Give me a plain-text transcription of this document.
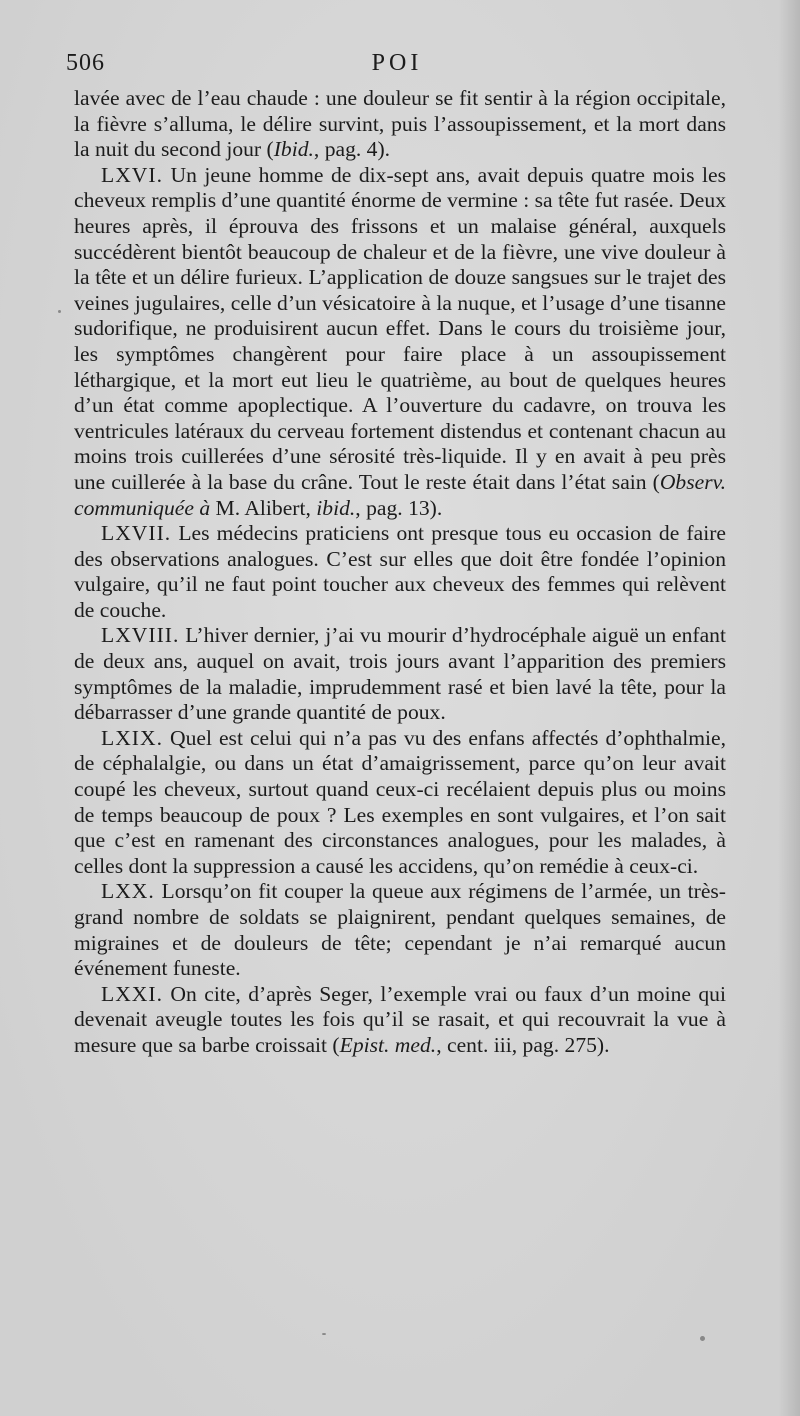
506	POI

lavée avec de l’eau chaude : une douleur se fit sentir à la région occipitale, la fièvre s’alluma, le délire survint, puis l’assoupissement, et la mort dans la nuit du second jour (Ibid., pag. 4).

LXVI. Un jeune homme de dix-sept ans, avait depuis quatre mois les cheveux remplis d’une quantité énorme de vermine : sa tête fut rasée. Deux heures après, il éprouva des frissons et un malaise général, auxquels succédèrent bientôt beaucoup de chaleur et de la fièvre, une vive douleur à la tête et un délire furieux. L’application de douze sangsues sur le trajet des veines jugulaires, celle d’un vésicatoire à la nuque, et l’usage d’une tisanne sudorifique, ne produisirent aucun effet. Dans le cours du troisième jour, les symptômes changèrent pour faire place à un assoupissement léthargique, et la mort eut lieu le quatrième, au bout de quelques heures d’un état comme apoplectique. A l’ouverture du cadavre, on trouva les ventricules latéraux du cerveau fortement distendus et contenant chacun au moins trois cuillerées d’une sérosité très-liquide. Il y en avait à peu près une cuillerée à la base du crâne. Tout le reste était dans l’état sain (Observ. communiquée à M. Alibert, ibid., pag. 13).

LXVII. Les médecins praticiens ont presque tous eu occasion de faire des observations analogues. C’est sur elles que doit être fondée l’opinion vulgaire, qu’il ne faut point toucher aux cheveux des femmes qui relèvent de couche.

LXVIII. L’hiver dernier, j’ai vu mourir d’hydrocéphale aiguë un enfant de deux ans, auquel on avait, trois jours avant l’apparition des premiers symptômes de la maladie, imprudemment rasé et bien lavé la tête, pour la débarrasser d’une grande quantité de poux.

LXIX. Quel est celui qui n’a pas vu des enfans affectés d’ophthalmie, de céphalalgie, ou dans un état d’amaigrissement, parce qu’on leur avait coupé les cheveux, surtout quand ceux-ci recélaient depuis plus ou moins de temps beaucoup de poux ? Les exemples en sont vulgaires, et l’on sait que c’est en ramenant des circonstances analogues, pour les malades, à celles dont la suppression a causé les accidens, qu’on remédie à ceux-ci.

LXX. Lorsqu’on fit couper la queue aux régimens de l’armée, un très-grand nombre de soldats se plaignirent, pendant quelques semaines, de migraines et de douleurs de tête; cependant je n’ai remarqué aucun événement funeste.

LXXI. On cite, d’après Seger, l’exemple vrai ou faux d’un moine qui devenait aveugle toutes les fois qu’il se rasait, et qui recouvrait la vue à mesure que sa barbe croissait (Epist. med., cent. iii, pag. 275).
